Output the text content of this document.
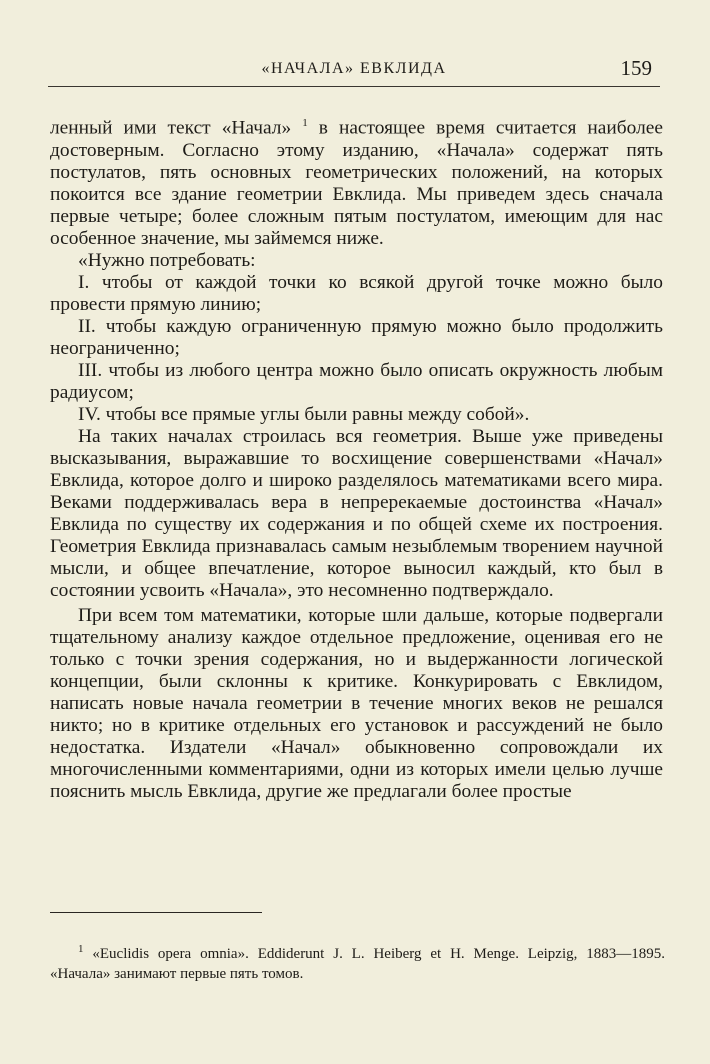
«НАЧАЛА» ЕВКЛИДА	159

ленный ими текст «Начал» $^1$ в настоящее время считается наиболее достоверным. Согласно этому изданию, «Начала» содержат пять постулатов, пять основных геометрических положений, на которых покоится все здание геометрии Евклида. Мы приведем здесь сначала первые четыре; более сложным пятым постулатом, имеющим для нас особенное значение, мы займемся ниже.

«Нужно потребовать:

I. чтобы от каждой точки ко всякой другой точке можно было провести прямую линию;

II. чтобы каждую ограниченную прямую можно было продолжить неограниченно;

III. чтобы из любого центра можно было описать окружность любым радиусом;

IV. чтобы все прямые углы были равны между собой».

На таких началах строилась вся геометрия. Выше уже приведены высказывания, выражавшие то восхищение совершенствами «Начал» Евклида, которое долго и широко разделялось математиками всего мира. Веками поддерживалась вера в непререкаемые достоинства «Начал» Евклида по существу их содержания и по общей схеме их построения. Геометрия Евклида признавалась самым незыблемым творением научной мысли, и общее впечатление, которое выносил каждый, кто был в состоянии усвоить «Начала», это несомненно подтверждало.

При всем том математики, которые шли дальше, которые подвергали тщательному анализу каждое отдельное предложение, оценивая его не только с точки зрения содержания, но и выдержанности логической концепции, были склонны к критике. Конкурировать с Евклидом, написать новые начала геометрии в течение многих веков не решался никто; но в критике отдельных его установок и рассуждений не было недостатка. Издатели «Начал» обыкновенно сопровождали их многочисленными комментариями, одни из которых имели целью лучше пояснить мысль Евклида, другие же предлагали более простые

$^1$ «Euclidis opera omnia». Eddiderunt J. L. Heiberg et H. Menge. Leipzig, 1883—1895. «Начала» занимают первые пять томов.
